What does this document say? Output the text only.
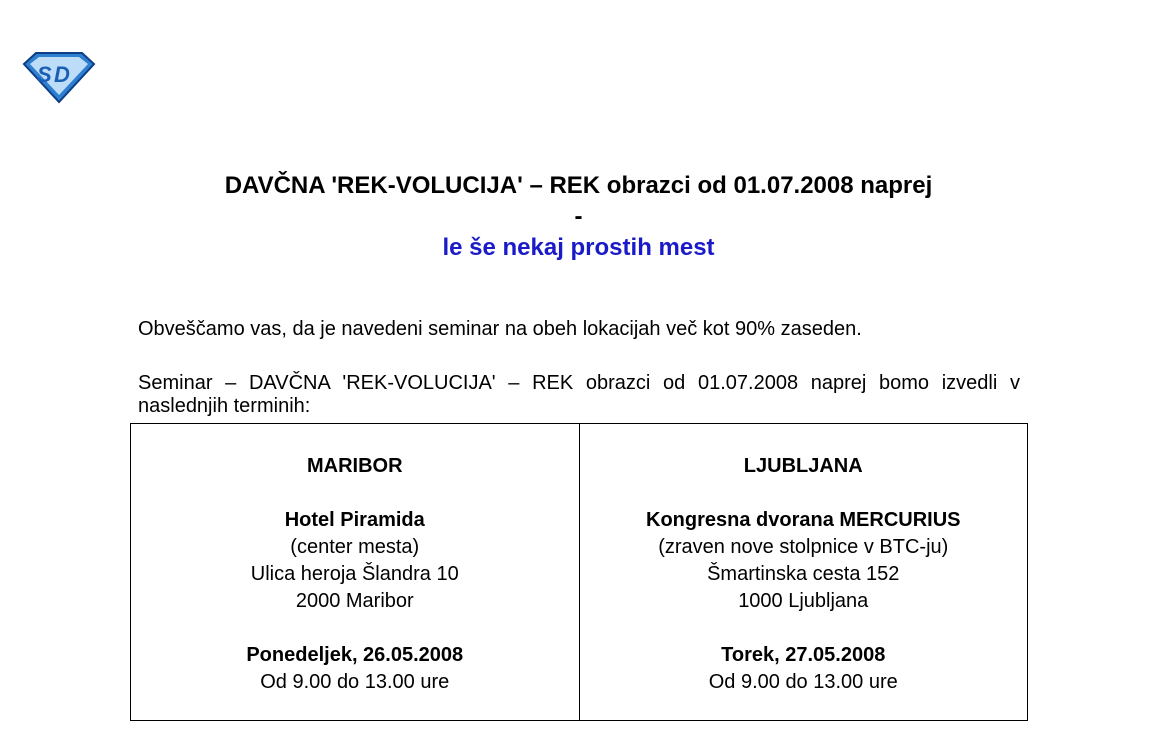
S D
DAVČNA 'REK-VOLUCIJA' – REK obrazci od 01.07.2008 naprej
-
le še nekaj prostih mest
Obveščamo vas, da je navedeni seminar na obeh lokacijah več kot 90% zaseden.
Seminar – DAVČNA 'REK-VOLUCIJA' – REK obrazci od 01.07.2008 naprej bomo izvedli v naslednjih terminih:
MARIBOR
Hotel Piramida
(center mesta)
Ulica heroja Šlandra 10
2000 Maribor
Ponedeljek, 26.05.2008
Od 9.00 do 13.00 ure
LJUBLJANA
Kongresna dvorana MERCURIUS
(zraven nove stolpnice v BTC-ju)
Šmartinska cesta 152
1000 Ljubljana
Torek, 27.05.2008
Od 9.00 do 13.00 ure
